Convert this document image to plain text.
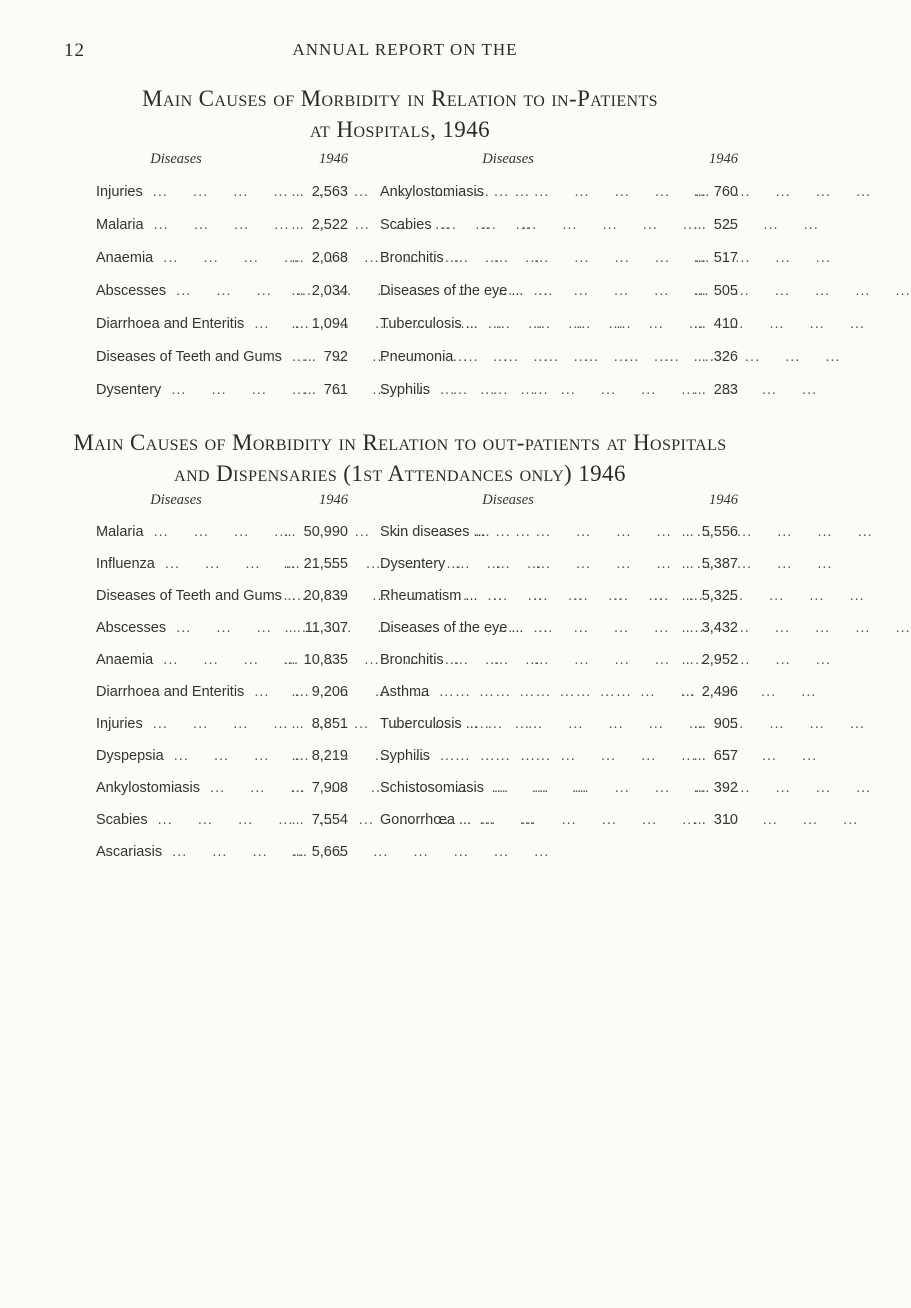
12	ANNUAL REPORT ON THE
Main Causes of Morbidity in Relation to in-Patients
at Hospitals, 1946
Diseases	1946		Diseases	1946
Injuries ...	... 2,563		Ankylostomiasis ...	... 760
Malaria ...	... 2,522		Scabies ...	... 525
Anaemia ...	... 2,068		Bronchitis ...	... 517
Abscesses ...	... 2,034		Diseases of the eye ... ...	... 505
Diarrhoea and Enteritis ...	... 1,094		Tuberculosis ... ...	... 410
Diseases of Teeth and Gums ...	... 792		Pneumonia ...	... 326
Dysentery ...	... 761		Syphilis ...	... 283
Main Causes of Morbidity in Relation to out-patients at Hospitals
and Dispensaries (1st Attendances only) 1946
Diseases	1946		Diseases	1946
Malaria ...	... 50,990		Skin diseases ... ...	... 5,556
Influenza ...	... 21,555		Dysentery ...	... 5,387
Diseases of Teeth and Gums ...	... 20,839		Rheumatism ... ...	... 5,325
Abscesses ...	... 11,307		Diseases of the eye ... ...	... 3,432
Anaemia ...	... 10,835		Bronchitis ...	... 2,952
Diarrhoea and Enteritis ...	... 9,206		Asthma ...	... 2,496
Injuries ...	... 8,851		Tuberculosis ... ...	... 905
Dyspepsia ...	... 8,219		Syphilis ...	... 657
Ankylostomiasis ...	... 7,908		Schistosomiasis ...	... 392
Scabies ...	... 7,554		Gonorrhœa ... ...	... 310
Ascariasis ...	... 5,665			
